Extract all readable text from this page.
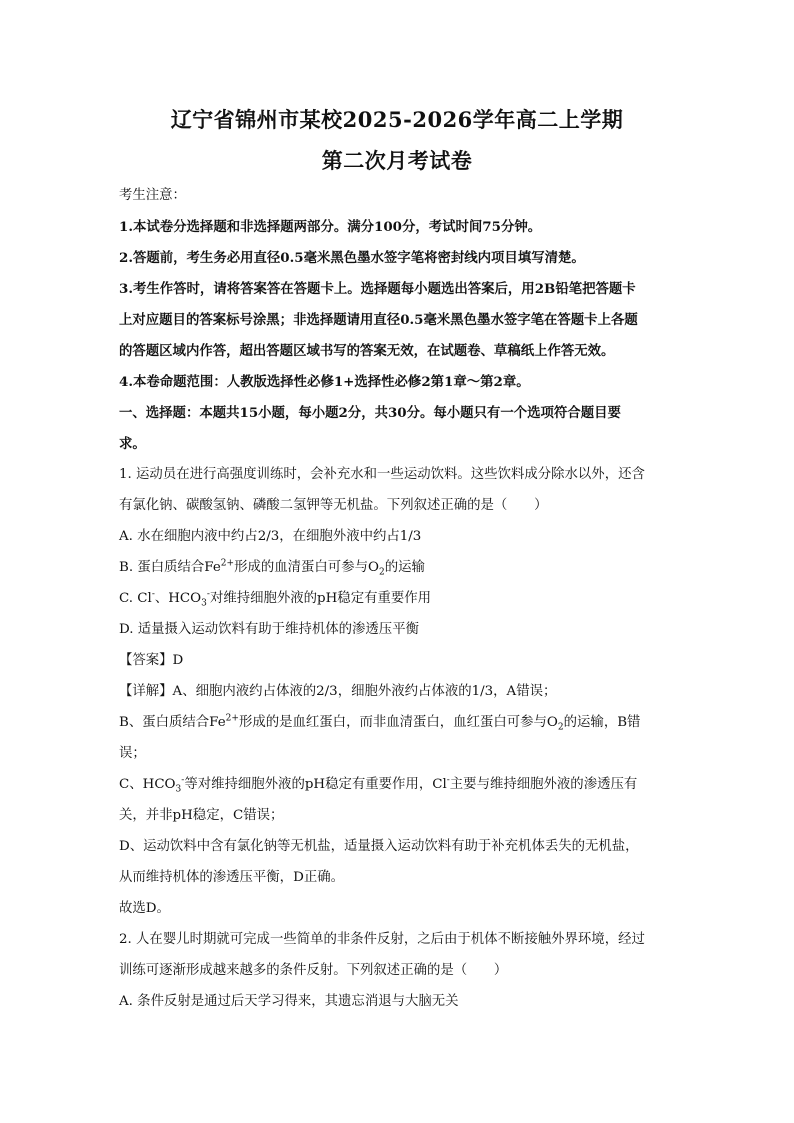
辽宁省锦州市某校2025-2026学年高二上学期
第二次月考试卷
考生注意：
1.本试卷分选择题和非选择题两部分。满分100分，考试时间75分钟。
2.答题前，考生务必用直径0.5毫米黑色墨水签字笔将密封线内项目填写清楚。
3.考生作答时，请将答案答在答题卡上。选择题每小题选出答案后，用2B铅笔把答题卡
上对应题目的答案标号涂黑；非选择题请用直径0.5毫米黑色墨水签字笔在答题卡上各题
的答题区域内作答，超出答题区域书写的答案无效，在试题卷、草稿纸上作答无效。
4.本卷命题范围：人教版选择性必修1+选择性必修2第1章～第2章。
一、选择题：本题共15小题，每小题2分，共30分。每小题只有一个选项符合题目要
求。
1. 运动员在进行高强度训练时，会补充水和一些运动饮料。这些饮料成分除水以外，还含
有氯化钠、碳酸氢钠、磷酸二氢钾等无机盐。下列叙述正确的是（　　）
A. 水在细胞内液中约占2/3，在细胞外液中约占1/3
B. 蛋白质结合$Fe^{2+}$形成的血清蛋白可参与$O_2$的运输
C. Cl-、$HCO_3^-$对维持细胞外液的pH稳定有重要作用
D. 适量摄入运动饮料有助于维持机体的渗透压平衡
【答案】D
【详解】A、细胞内液约占体液的2/3，细胞外液约占体液的1/3，A错误；
B、蛋白质结合$Fe^{2+}$形成的是血红蛋白，而非血清蛋白，血红蛋白可参与$O_2$的运输，B错
误；
C、$HCO_3^-$等对维持细胞外液的pH稳定有重要作用，Cl-主要与维持细胞外液的渗透压有
关，并非pH稳定，C错误；
D、运动饮料中含有氯化钠等无机盐，适量摄入运动饮料有助于补充机体丢失的无机盐，
从而维持机体的渗透压平衡，D正确。
故选D。
2. 人在婴儿时期就可完成一些简单的非条件反射，之后由于机体不断接触外界环境，经过
训练可逐渐形成越来越多的条件反射。下列叙述正确的是（　　）
A. 条件反射是通过后天学习得来，其遗忘消退与大脑无关
